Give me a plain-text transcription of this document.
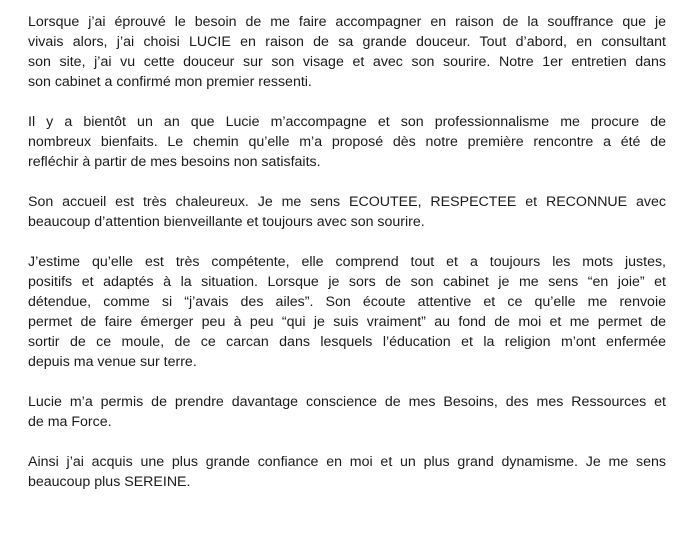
Lorsque j’ai éprouvé le besoin de me faire accompagner en raison de la souffrance que je
vivais alors, j’ai choisi LUCIE en raison de sa grande douceur. Tout d’abord, en consultant
son site, j’ai vu cette douceur sur son visage et avec son sourire. Notre 1er entretien dans
son cabinet a confirmé mon premier ressenti.
Il y a bientôt un an que Lucie m’accompagne et son professionnalisme me procure de
nombreux bienfaits. Le chemin qu’elle m’a proposé dès notre première rencontre a été de
refléchir à partir de mes besoins non satisfaits.
Son accueil est très chaleureux. Je me sens ECOUTEE, RESPECTEE et RECONNUE avec
beaucoup d’attention bienveillante et toujours avec son sourire.
J’estime qu’elle est très compétente, elle comprend tout et a toujours les mots justes,
positifs et adaptés à la situation. Lorsque je sors de son cabinet je me sens “en joie” et
détendue, comme si “j’avais des ailes”. Son écoute attentive et ce qu’elle me renvoie
permet de faire émerger peu à peu “qui je suis vraiment” au fond de moi et me permet de
sortir de ce moule, de ce carcan dans lesquels l’éducation et la religion m’ont enfermée
depuis ma venue sur terre.
Lucie m’a permis de prendre davantage conscience de mes Besoins, des mes Ressources et
de ma Force.
Ainsi j’ai acquis une plus grande confiance en moi et un plus grand dynamisme. Je me sens
beaucoup plus SEREINE.
